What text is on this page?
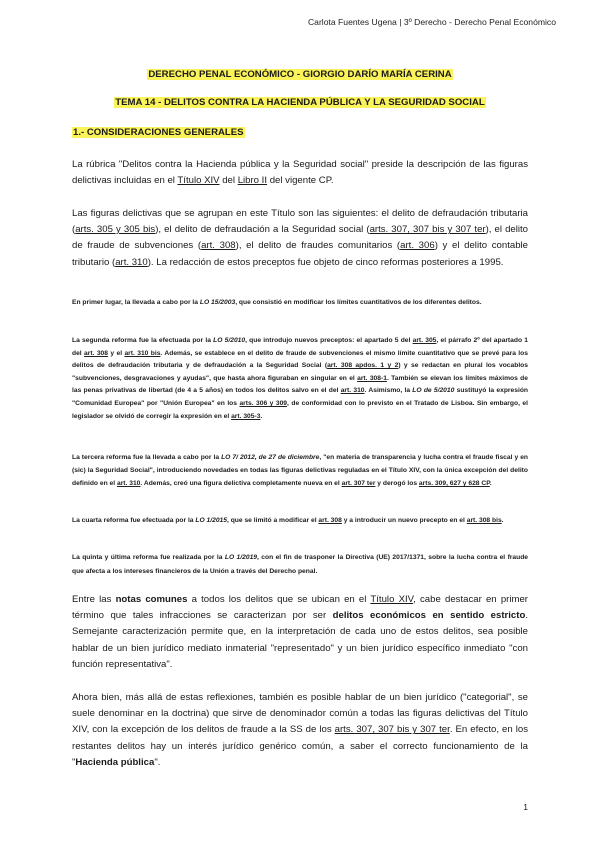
Carlota Fuentes Ugena | 3º Derecho - Derecho Penal Económico
DERECHO PENAL ECONÓMICO - GIORGIO DARÍO MARÍA CERINA
TEMA 14 - DELITOS CONTRA LA HACIENDA PÚBLICA Y LA SEGURIDAD SOCIAL
1.- CONSIDERACIONES GENERALES
La rúbrica "Delitos contra la Hacienda pública y la Seguridad social" preside la descripción de las figuras delictivas incluidas en el Título XIV del Libro II del vigente CP.
Las figuras delictivas que se agrupan en este Título son las siguientes: el delito de defraudación tributaria (arts. 305 y 305 bis), el delito de defraudación a la Seguridad social (arts. 307, 307 bis y 307 ter), el delito de fraude de subvenciones (art. 308), el delito de fraudes comunitarios (art. 306) y el delito contable tributario (art. 310). La redacción de estos preceptos fue objeto de cinco reformas posteriores a 1995.
En primer lugar, la llevada a cabo por la LO 15/2003, que consistió en modificar los límites cuantitativos de los diferentes delitos.
La segunda reforma fue la efectuada por la LO 5/2010, que introdujo nuevos preceptos: el apartado 5 del art. 305, el párrafo 2º del apartado 1 del art. 308 y el art. 310 bis. Además, se establece en el delito de fraude de subvenciones el mismo límite cuantitativo que se prevé para los delitos de defraudación tributaria y de defraudación a la Seguridad Social (art. 308 apdos. 1 y 2) y se redactan en plural los vocablos "subvenciones, desgravaciones y ayudas", que hasta ahora figuraban en singular en el art. 308-1. También se elevan los límites máximos de las penas privativas de libertad (de 4 a 5 años) en todos los delitos salvo en el del art. 310. Asimismo, la LO de 5/2010 sustituyó la expresión "Comunidad Europea" por "Unión Europea" en los arts. 306 y 309, de conformidad con lo previsto en el Tratado de Lisboa. Sin embargo, el legislador se olvidó de corregir la expresión en el art. 305-3.
La tercera reforma fue la llevada a cabo por la LO 7/ 2012, de 27 de diciembre, "en materia de transparencia y lucha contra el fraude fiscal y en (sic) la Seguridad Social", introduciendo novedades en todas las figuras delictivas reguladas en el Título XIV, con la única excepción del delito definido en el art. 310. Además, creó una figura delictiva completamente nueva en el art. 307 ter y derogó los arts. 309, 627 y 628 CP.
La cuarta reforma fue efectuada por la LO 1/2015, que se limitó a modificar el art. 308 y a introducir un nuevo precepto en el art. 308 bis.
La quinta y última reforma fue realizada por la LO 1/2019, con el fin de trasponer la Directiva (UE) 2017/1371, sobre la lucha contra el fraude que afecta a los intereses financieros de la Unión a través del Derecho penal.
Entre las notas comunes a todos los delitos que se ubican en el Título XIV, cabe destacar en primer término que tales infracciones se caracterizan por ser delitos económicos en sentido estricto. Semejante caracterización permite que, en la interpretación de cada uno de estos delitos, sea posible hablar de un bien jurídico mediato inmaterial "representado" y un bien jurídico específico inmediato "con función representativa".
Ahora bien, más allá de estas reflexiones, también es posible hablar de un bien jurídico ("categorial", se suele denominar en la doctrina) que sirve de denominador común a todas las figuras delictivas del Título XIV, con la excepción de los delitos de fraude a la SS de los arts. 307, 307 bis y 307 ter. En efecto, en los restantes delitos hay un interés jurídico genérico común, a saber el correcto funcionamiento de la "Hacienda pública".
1
